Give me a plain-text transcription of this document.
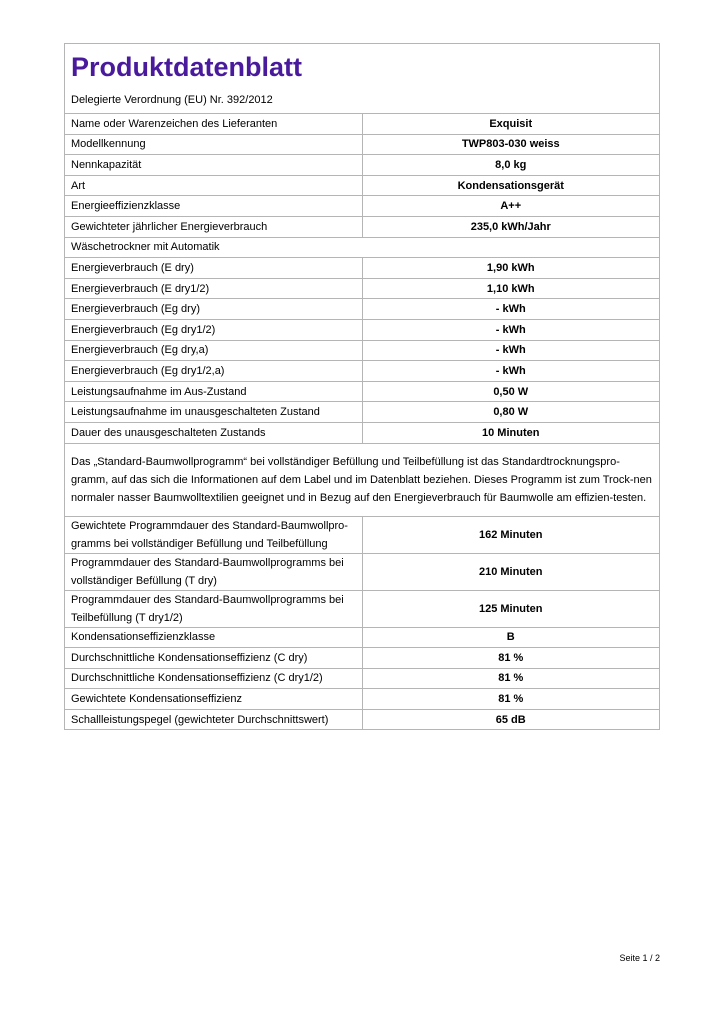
Produktdatenblatt
Delegierte Verordnung (EU) Nr. 392/2012	

Name oder Warenzeichen des Lieferanten	Exquisit
Modellkennung	TWP803-030 weiss
Nennkapazität	8,0 kg
Art	Kondensationsgerät
Energieeffizienzklasse	A++
Gewichteter jährlicher Energieverbrauch	235,0 kWh/Jahr
Wäschetrockner mit Automatik	
Energieverbrauch (E dry)	1,90 kWh
Energieverbrauch (E dry1/2)	1,10 kWh
Energieverbrauch (Eg dry)	- kWh
Energieverbrauch (Eg dry1/2)	- kWh
Energieverbrauch (Eg dry,a)	- kWh
Energieverbrauch (Eg dry1/2,a)	- kWh
Leistungsaufnahme im Aus-Zustand	0,50 W
Leistungsaufnahme im unausgeschalteten Zustand	0,80 W
Dauer des unausgeschalteten Zustands	10 Minuten
Das „Standard-Baumwollprogramm“ bei vollständiger Befüllung und Teilbefüllung ist das Standardtrocknungspro-gramm, auf das sich die Informationen auf dem Label und im Datenblatt beziehen. Dieses Programm ist zum Trock-nen normaler nasser Baumwolltextilien geeignet und in Bezug auf den Energieverbrauch für Baumwolle am effizien-testen.	
Gewichtete Programmdauer des Standard-Baumwollpro-gramms bei vollständiger Befüllung und Teilbefüllung	162 Minuten
Programmdauer des Standard-Baumwollprogramms bei vollständiger Befüllung (T dry)	210 Minuten
Programmdauer des Standard-Baumwollprogramms bei Teilbefüllung (T dry1/2)	125 Minuten
Kondensationseffizienzklasse	B
Durchschnittliche Kondensationseffizienz (C dry)	81 %
Durchschnittliche Kondensationseffizienz (C dry1/2)	81 %
Gewichtete Kondensationseffizienz	81 %
Schallleistungspegel (gewichteter Durchschnittswert)	65 dB
Seite 1 / 2
